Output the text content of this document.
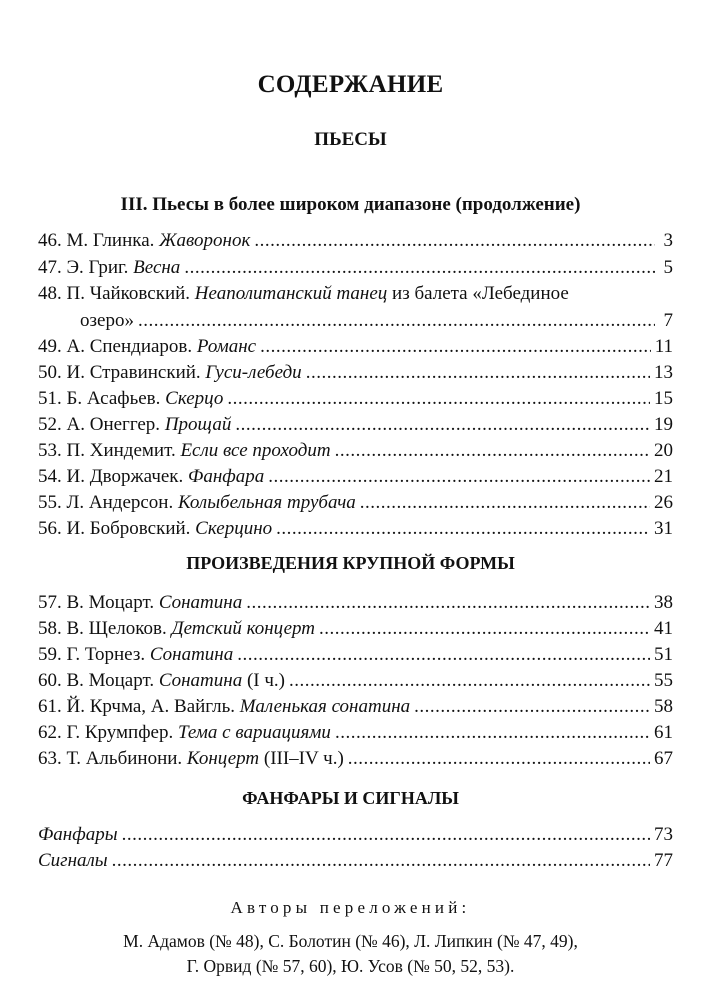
СОДЕРЖАНИЕ
ПЬЕСЫ
III. Пьесы в более широком диапазоне (продолжение)
46. М. Глинка. Жаворонок .....	3
47. Э. Григ. Весна .....	5
48. П. Чайковский. Неаполитанский танец из балета «Лебединое
озеро» .....	7
49. А. Спендиаров. Романс .....	11
50. И. Стравинский. Гуси-лебеди .....	13
51. Б. Асафьев. Скерцо .....	15
52. А. Онеггер. Прощай .....	19
53. П. Хиндемит. Если все проходит .....	20
54. И. Дворжачек. Фанфара .....	21
55. Л. Андерсон. Колыбельная трубача .....	26
56. И. Бобровский. Скерцино .....	31
ПРОИЗВЕДЕНИЯ КРУПНОЙ ФОРМЫ
57. В. Моцарт. Сонатина .....	38
58. В. Щелоков. Детский концерт .....	41
59. Г. Торнез. Сонатина .....	51
60. В. Моцарт. Сонатина (I ч.) .....	55
61. Й. Крчма, А. Вайгль. Маленькая сонатина .....	58
62. Г. Крумпфер. Тема с вариациями .....	61
63. Т. Альбинони. Концерт (III–IV ч.) .....	67
ФАНФАРЫ И СИГНАЛЫ
Фанфары .....	73
Сигналы .....	77
Авторы переложений:
М. Адамов (№ 48), С. Болотин (№ 46), Л. Липкин (№ 47, 49),
Г. Орвид (№ 57, 60), Ю. Усов (№ 50, 52, 53).
